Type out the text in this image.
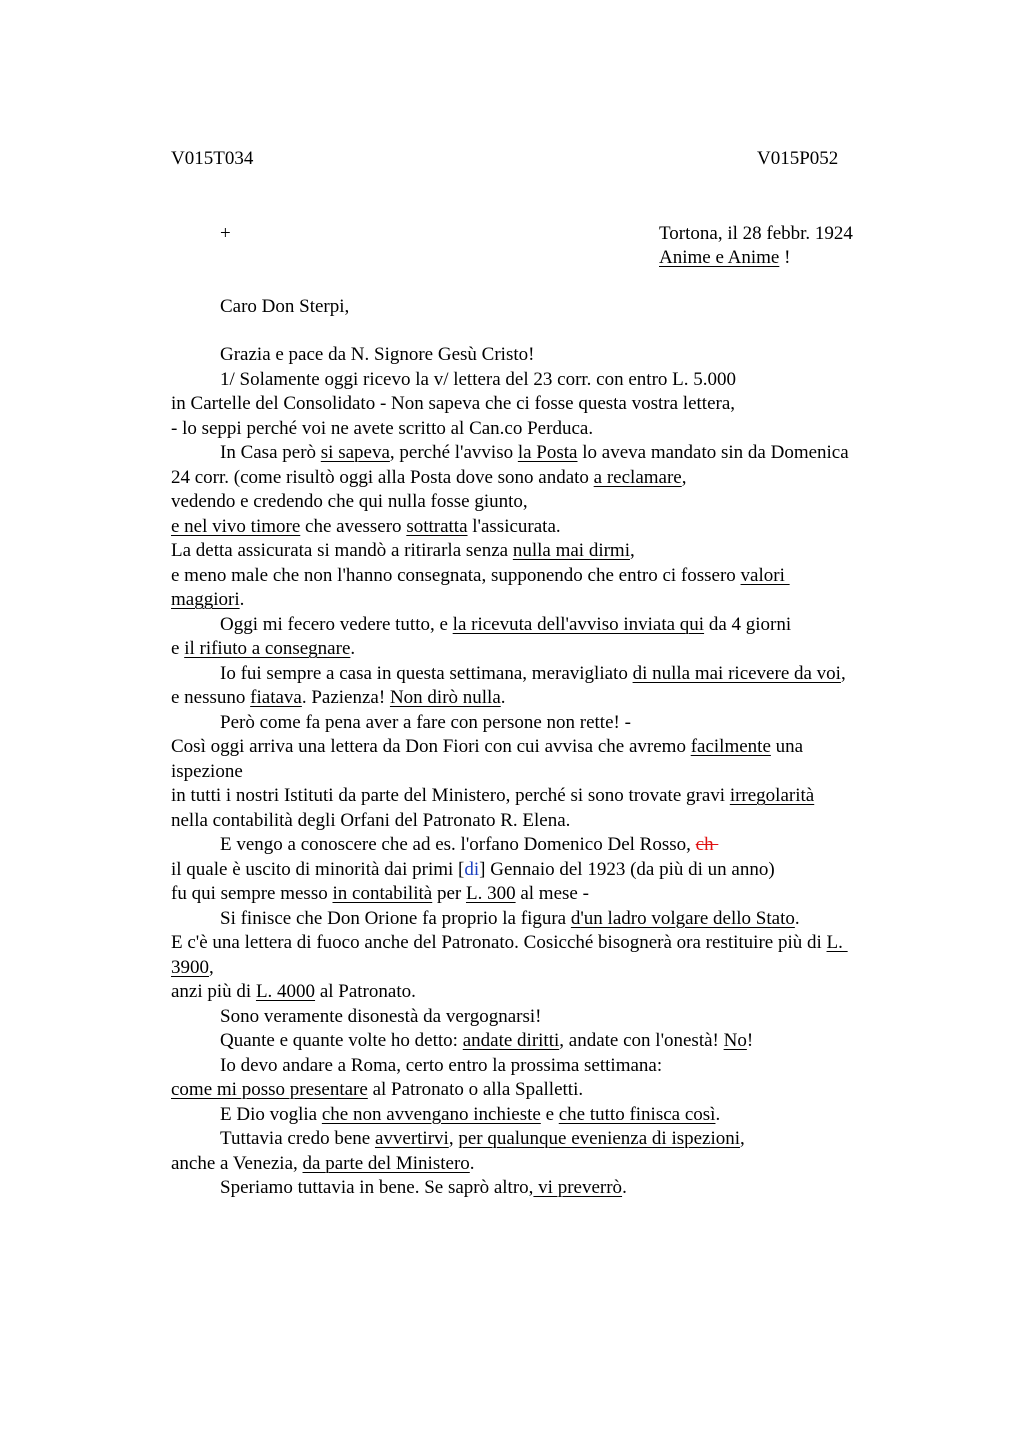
V015T034	V015P052
+	Tortona, il 28 febbr. 1924
Anime e Anime !
Caro Don Sterpi,
Grazia e pace da N. Signore Gesù Cristo!
1/ Solamente oggi ricevo la v/ lettera del 23 corr. con entro L. 5.000
in Cartelle del Consolidato - Non sapeva che ci fosse questa vostra lettera,
- lo seppi perché voi ne avete scritto al Can.co Perduca.
In Casa però si sapeva, perché l'avviso la Posta lo aveva mandato sin da Domenica
24 corr. (come risultò oggi alla Posta dove sono andato a reclamare,
vedendo e credendo che qui nulla fosse giunto,
e nel vivo timore che avessero sottratta l'assicurata.
La detta assicurata si mandò a ritirarla senza nulla mai dirmi,
e meno male che non l'hanno consegnata, supponendo che entro ci fossero valori
maggiori.
Oggi mi fecero vedere tutto, e la ricevuta dell'avviso inviata qui da 4 giorni
e il rifiuto a consegnare.
Io fui sempre a casa in questa settimana, meravigliato di nulla mai ricevere da voi,
e nessuno fiatava. Pazienza! Non dirò nulla.
Però come fa pena aver a fare con persone non rette! -
Così oggi arriva una lettera da Don Fiori con cui avvisa che avremo facilmente una
ispezione
in tutti i nostri Istituti da parte del Ministero, perché si sono trovate gravi irregolarità
nella contabilità degli Orfani del Patronato R. Elena.
E vengo a conoscere che ad es. l'orfano Domenico Del Rosso, ch
il quale è uscito di minorità dai primi [di] Gennaio del 1923 (da più di un anno)
fu qui sempre messo in contabilità per L. 300 al mese -
Si finisce che Don Orione fa proprio la figura d'un ladro volgare dello Stato.
E c'è una lettera di fuoco anche del Patronato. Cosicché bisognerà ora restituire più di L.
3900,
anzi più di L. 4000 al Patronato.
Sono veramente disonestà da vergognarsi!
Quante e quante volte ho detto: andate diritti, andate con l'onestà! No!
Io devo andare a Roma, certo entro la prossima settimana:
come mi posso presentare al Patronato o alla Spalletti.
E Dio voglia che non avvengano inchieste e che tutto finisca così.
Tuttavia credo bene avvertirvi, per qualunque evenienza di ispezioni,
anche a Venezia, da parte del Ministero.
Speriamo tuttavia in bene. Se saprò altro, vi preverrò.
